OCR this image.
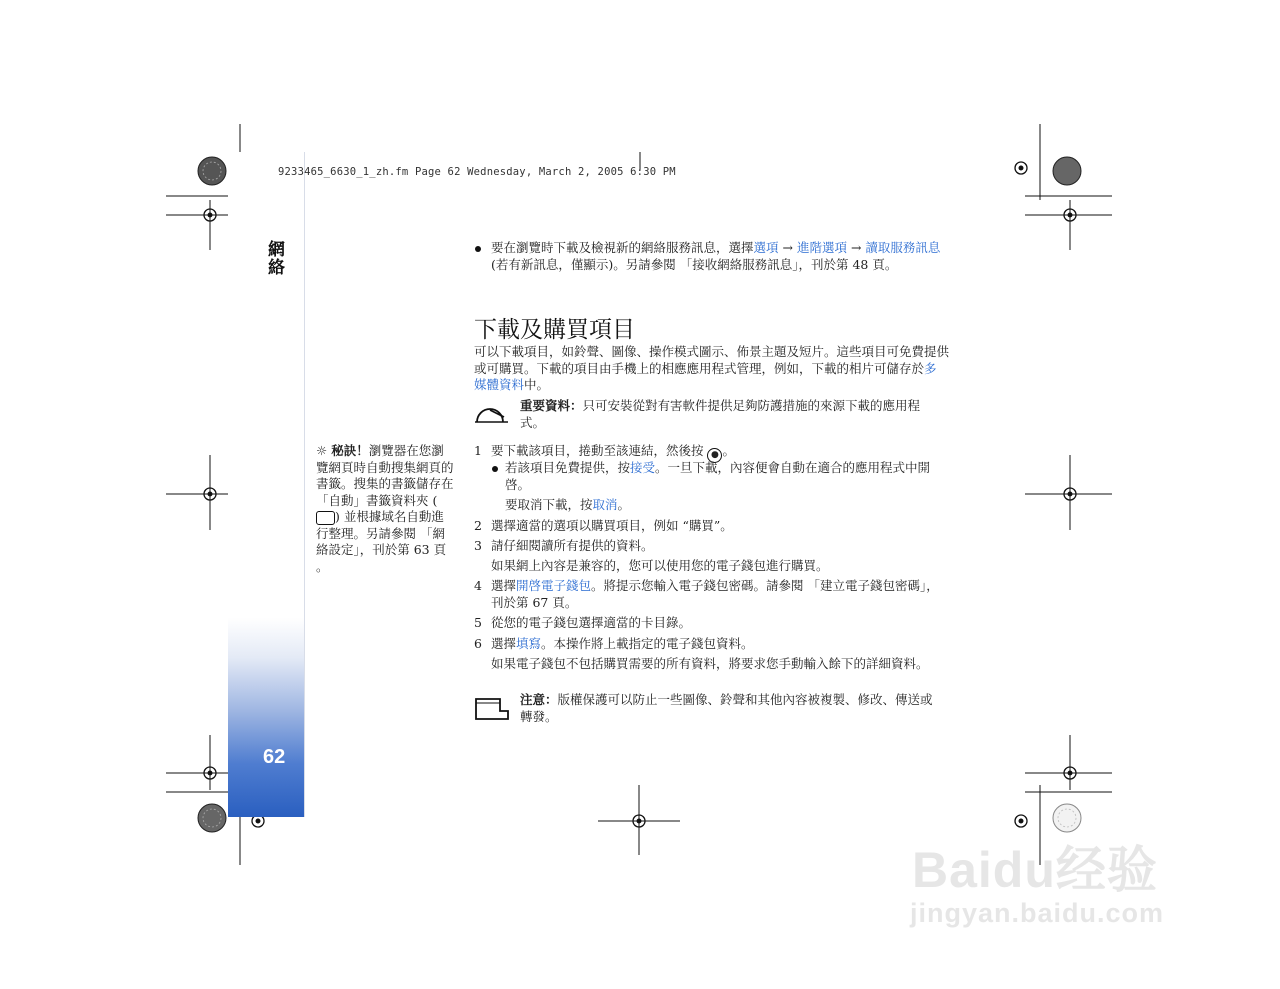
9233465_6630_1_zh.fm Page 62 Wednesday, March 2, 2005 6:30 PM
網絡
62
要在瀏覽時下載及檢視新的網絡服務訊息，選擇選項 → 進階選項 → 讀取服務訊息 (若有新訊息，僅顯示)。另請參閱 「接收網絡服務訊息」，刊於第 48 頁。
下載及購買項目
可以下載項目，如鈴聲、圖像、操作模式圖示、佈景主題及短片。這些項目可免費提供或可購買。下載的項目由手機上的相應應用程式管理，例如，下載的相片可儲存於多媒體資料中。
重要資料：只可安裝從對有害軟件提供足夠防護措施的來源下載的應用程式。
☼ 秘訣！瀏覽器在您瀏覽網頁時自動搜集網頁的書籤。搜集的書籤儲存在 「自動」書籤資料夾 () 並根據域名自動進行整理。另請參閱 「網絡設定」，刊於第 63 頁 。
1 要下載該項目，捲動至該連結，然後按 ● 。
若該項目免費提供，按接受。一旦下載，內容便會自動在適合的應用程式中開啓。
要取消下載，按取消。
2 選擇適當的選項以購買項目，例如 “購買”。
3 請仔細閱讀所有提供的資料。
如果網上內容是兼容的，您可以使用您的電子錢包進行購買。
4 選擇開啓電子錢包。將提示您輸入電子錢包密碼。請參閱 「建立電子錢包密碼」，刊於第 67 頁。
5 從您的電子錢包選擇適當的卡目錄。
6 選擇填寫。本操作將上載指定的電子錢包資料。
如果電子錢包不包括購買需要的所有資料，將要求您手動輸入餘下的詳細資料。
注意：版權保護可以防止一些圖像、鈴聲和其他內容被複製、修改、傳送或轉發。
Baidu经验
jingyan.baidu.com
